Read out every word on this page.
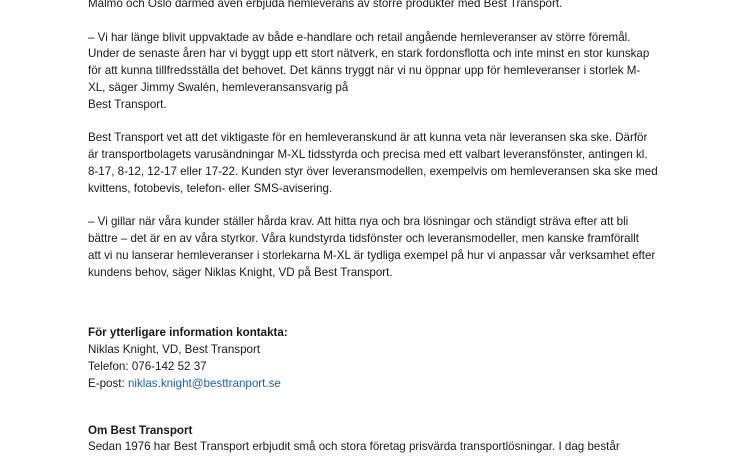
Malmö och Oslo därmed även erbjuda hemleverans av större produkter med Best Transport.

– Vi har länge blivit uppvaktade av både e-handlare och retail angående hemleveranser av större föremål.

Under de senaste åren har vi byggt upp ett stort nätverk, en stark fordonsflotta och inte minst en stor kunskap

för att kunna tillfredsställa det behovet. Det känns tryggt när vi nu öppnar upp för hemleveranser i storlek M-

XL, säger Jimmy Swalén, hemleveransansvarig på

Best Transport.

Best Transport vet att det viktigaste för en hemleveranskund är att kunna veta när leveransen ska ske. Därför

är transportbolagets varusändningar M-XL tidsstyrda och precisa med ett valbart leveransfönster, antingen kl.

8-17, 8-12, 12-17 eller 17-22. Kunden styr över leveransmodellen, exempelvis om hemleveransen ska ske med

kvittens, fotobevis, telefon- eller SMS-avisering.

– Vi gillar när våra kunder ställer hårda krav. Att hitta nya och bra lösningar och ständigt sträva efter att bli

bättre – det är en av våra styrkor. Våra kundstyrda tidsfönster och leveransmodeller, men kanske framförallt

att vi nu lanserar hemleveranser i storlekarna M-XL är tydliga exempel på hur vi anpassar vår verksamhet efter

kundens behov, säger Niklas Knight, VD på Best Transport.

För ytterligare information kontakta:

Niklas Knight, VD, Best Transport

Telefon: 076-142 52 37

E-post: niklas.knight@bestt​ranport.se

Om Best Transport

Sedan 1976 har Best Transport erbjudit små och stora företag prisvärda transportlösningar. I dag består
